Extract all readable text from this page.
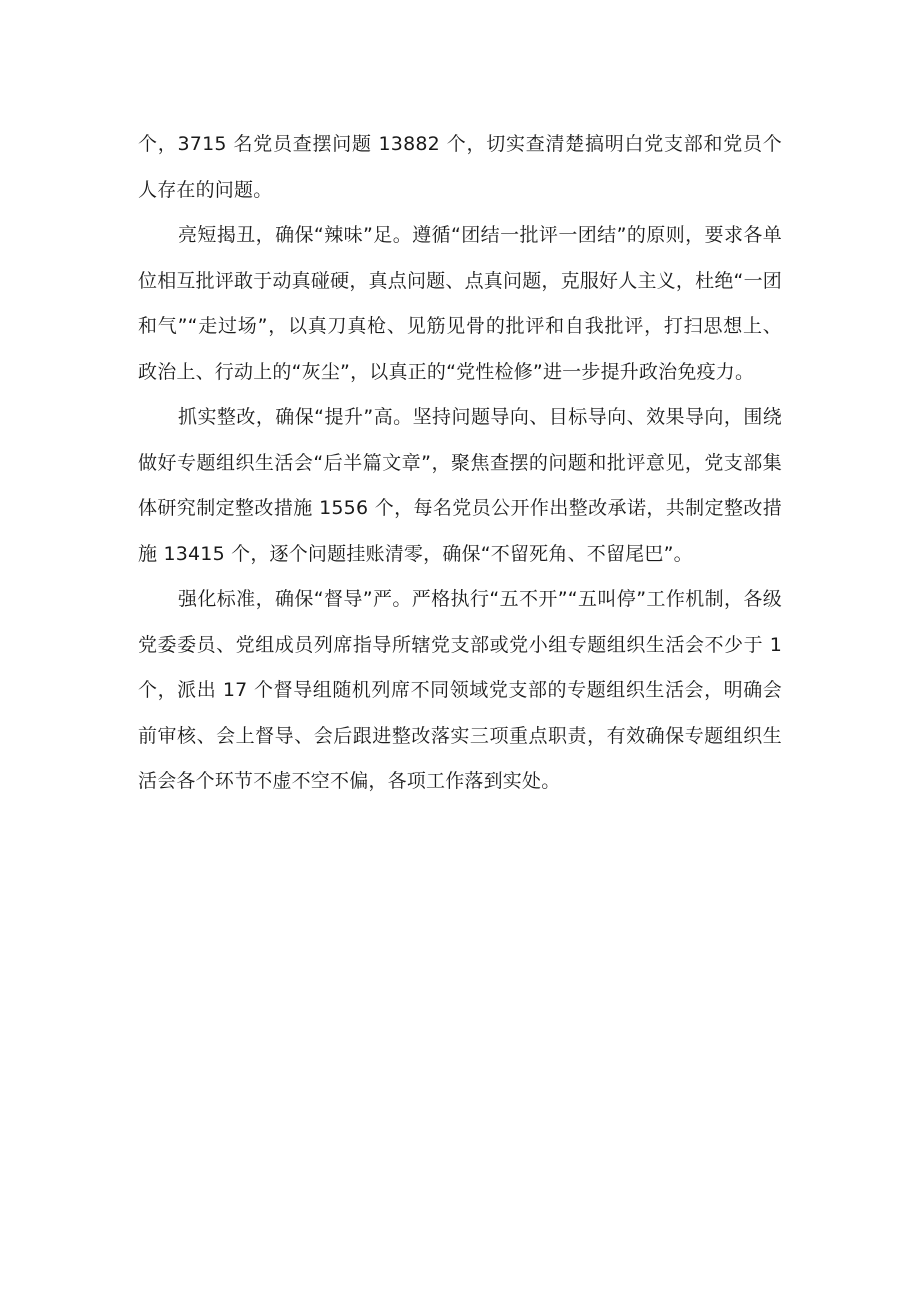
个，3715 名党员查摆问题 13882 个，切实查清楚搞明白党支部和党员个人存在的问题。

亮短揭丑，确保“辣味”足。遵循“团结一批评一团结”的原则，要求各单位相互批评敢于动真碰硬，真点问题、点真问题，克服好人主义，杜绝“一团和气”“走过场”，以真刀真枪、见筋见骨的批评和自我批评，打扫思想上、政治上、行动上的“灰尘”，以真正的“党性检修”进一步提升政治免疫力。

抓实整改，确保“提升”高。坚持问题导向、目标导向、效果导向，围绕做好专题组织生活会“后半篇文章”，聚焦查摆的问题和批评意见，党支部集体研究制定整改措施 1556 个，每名党员公开作出整改承诺，共制定整改措施 13415 个，逐个问题挂账清零，确保“不留死角、不留尾巴”。

强化标准，确保“督导”严。严格执行“五不开”“五叫停”工作机制，各级党委委员、党组成员列席指导所辖党支部或党小组专题组织生活会不少于 1 个，派出 17 个督导组随机列席不同领域党支部的专题组织生活会，明确会前审核、会上督导、会后跟进整改落实三项重点职责，有效确保专题组织生活会各个环节不虚不空不偏，各项工作落到实处。
